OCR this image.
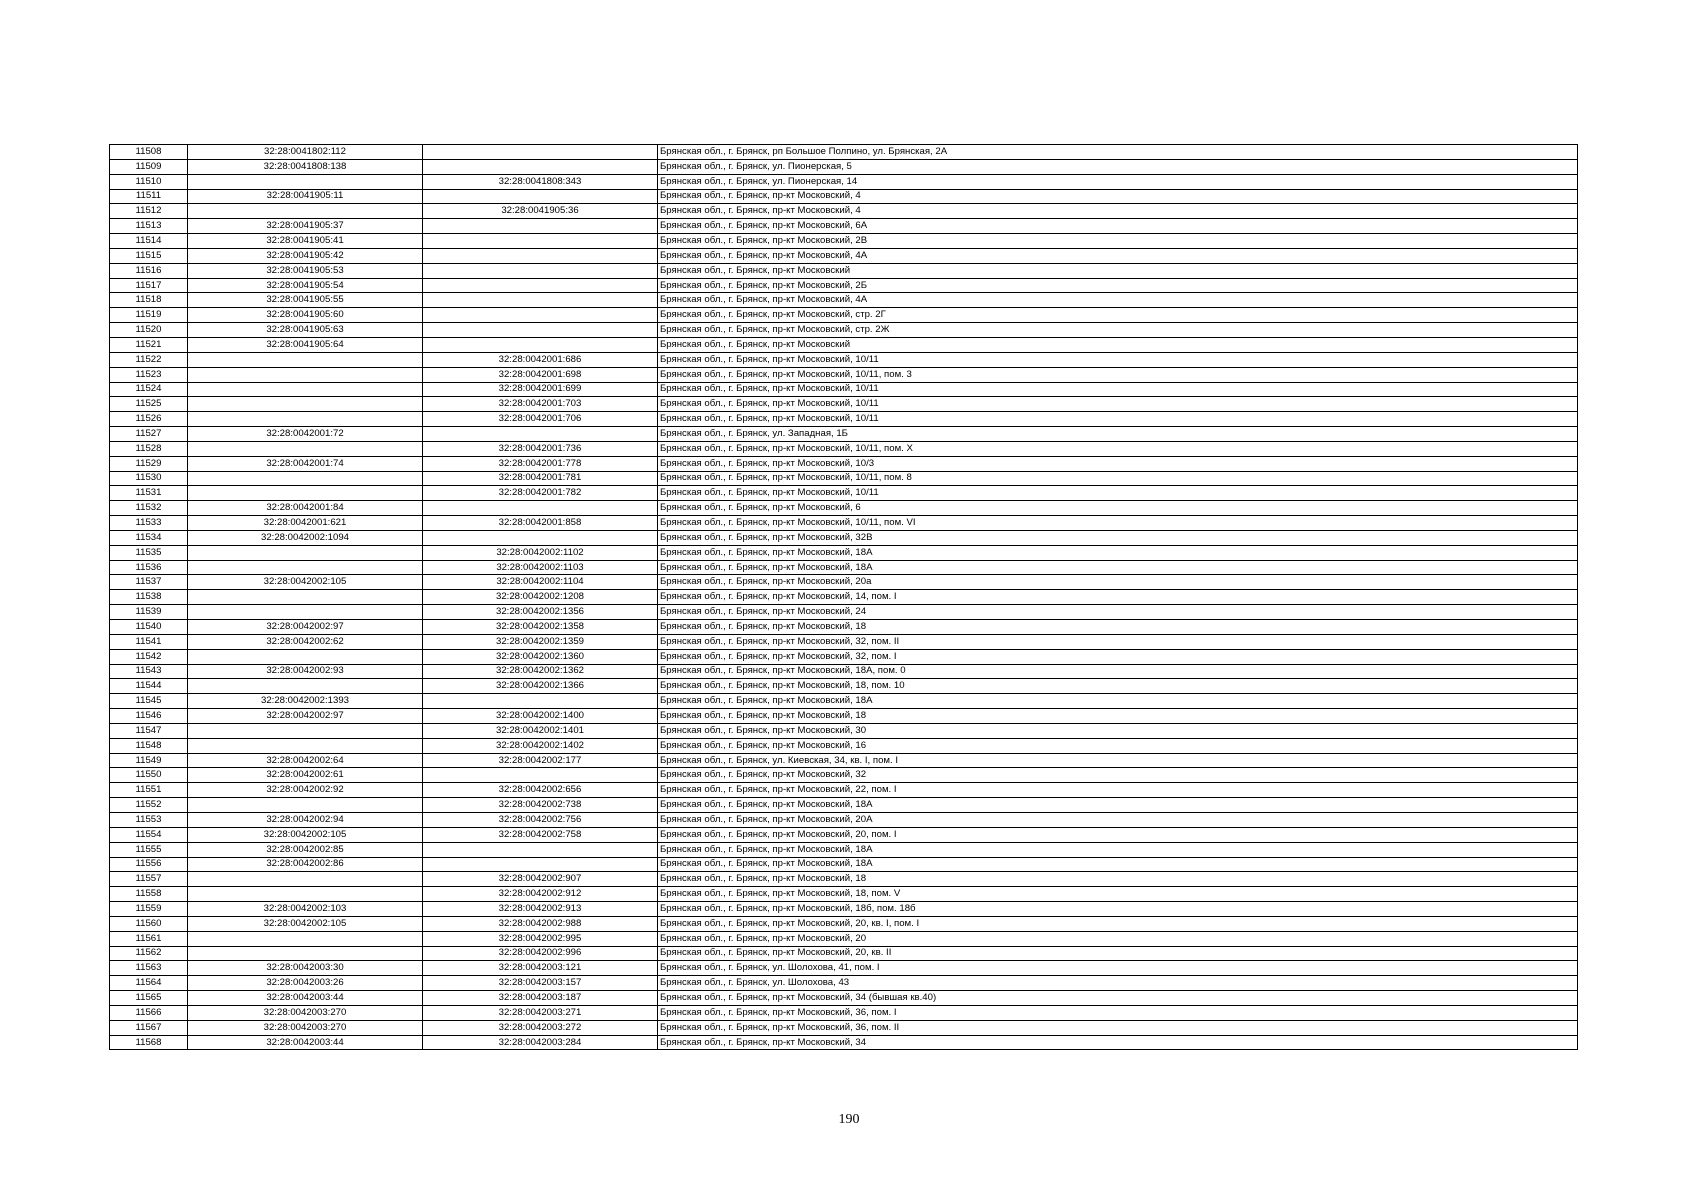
11508	32:28:0041802:112		Брянская обл., г. Брянск, рп Большое Полпино, ул. Брянская, 2А
11509	32:28:0041808:138		Брянская обл., г. Брянск, ул. Пионерская, 5
11510		32:28:0041808:343	Брянская обл., г. Брянск, ул. Пионерская, 14
11511	32:28:0041905:11		Брянская обл., г. Брянск, пр-кт Московский, 4
11512		32:28:0041905:36	Брянская обл., г. Брянск, пр-кт Московский, 4
11513	32:28:0041905:37		Брянская обл., г. Брянск, пр-кт Московский, 6А
11514	32:28:0041905:41		Брянская обл., г. Брянск, пр-кт Московский, 2В
11515	32:28:0041905:42		Брянская обл., г. Брянск, пр-кт Московский, 4А
11516	32:28:0041905:53		Брянская обл., г. Брянск, пр-кт Московский
11517	32:28:0041905:54		Брянская обл., г. Брянск, пр-кт Московский, 2Б
11518	32:28:0041905:55		Брянская обл., г. Брянск, пр-кт Московский, 4А
11519	32:28:0041905:60		Брянская обл., г. Брянск, пр-кт Московский, стр. 2Г
11520	32:28:0041905:63		Брянская обл., г. Брянск, пр-кт Московский, стр. 2Ж
11521	32:28:0041905:64		Брянская обл., г. Брянск, пр-кт Московский
11522		32:28:0042001:686	Брянская обл., г. Брянск, пр-кт Московский, 10/11
11523		32:28:0042001:698	Брянская обл., г. Брянск, пр-кт Московский, 10/11, пом. 3
11524		32:28:0042001:699	Брянская обл., г. Брянск, пр-кт Московский, 10/11
11525		32:28:0042001:703	Брянская обл., г. Брянск, пр-кт Московский, 10/11
11526		32:28:0042001:706	Брянская обл., г. Брянск, пр-кт Московский, 10/11
11527	32:28:0042001:72		Брянская обл., г. Брянск, ул. Западная, 1Б
11528		32:28:0042001:736	Брянская обл., г. Брянск, пр-кт Московский, 10/11, пом. X
11529	32:28:0042001:74	32:28:0042001:778	Брянская обл., г. Брянск, пр-кт Московский, 10/3
11530		32:28:0042001:781	Брянская обл., г. Брянск, пр-кт Московский, 10/11, пом. 8
11531		32:28:0042001:782	Брянская обл., г. Брянск, пр-кт Московский, 10/11
11532	32:28:0042001:84		Брянская обл., г. Брянск, пр-кт Московский, 6
11533	32:28:0042001:621	32:28:0042001:858	Брянская обл., г. Брянск, пр-кт Московский, 10/11, пом. VI
11534	32:28:0042002:1094		Брянская обл., г. Брянск, пр-кт Московский, 32В
11535		32:28:0042002:1102	Брянская обл., г. Брянск, пр-кт Московский, 18А
11536		32:28:0042002:1103	Брянская обл., г. Брянск, пр-кт Московский, 18А
11537	32:28:0042002:105	32:28:0042002:1104	Брянская обл., г. Брянск, пр-кт Московский, 20а
11538		32:28:0042002:1208	Брянская обл., г. Брянск, пр-кт Московский, 14, пом. I
11539		32:28:0042002:1356	Брянская обл., г. Брянск, пр-кт Московский, 24
11540	32:28:0042002:97	32:28:0042002:1358	Брянская обл., г. Брянск, пр-кт Московский, 18
11541	32:28:0042002:62	32:28:0042002:1359	Брянская обл., г. Брянск, пр-кт Московский, 32, пом. II
11542		32:28:0042002:1360	Брянская обл., г. Брянск, пр-кт Московский, 32, пом. I
11543	32:28:0042002:93	32:28:0042002:1362	Брянская обл., г. Брянск, пр-кт Московский, 18А, пом. 0
11544		32:28:0042002:1366	Брянская обл., г. Брянск, пр-кт Московский, 18, пом. 10
11545	32:28:0042002:1393		Брянская обл., г. Брянск, пр-кт Московский, 18А
11546	32:28:0042002:97	32:28:0042002:1400	Брянская обл., г. Брянск, пр-кт Московский, 18
11547		32:28:0042002:1401	Брянская обл., г. Брянск, пр-кт Московский, 30
11548		32:28:0042002:1402	Брянская обл., г. Брянск, пр-кт Московский, 16
11549	32:28:0042002:64	32:28:0042002:177	Брянская обл., г. Брянск, ул. Киевская, 34, кв. I, пом. I
11550	32:28:0042002:61		Брянская обл., г. Брянск, пр-кт Московский, 32
11551	32:28:0042002:92	32:28:0042002:656	Брянская обл., г. Брянск, пр-кт Московский, 22, пом. I
11552		32:28:0042002:738	Брянская обл., г. Брянск, пр-кт Московский, 18А
11553	32:28:0042002:94	32:28:0042002:756	Брянская обл., г. Брянск, пр-кт Московский, 20А
11554	32:28:0042002:105	32:28:0042002:758	Брянская обл., г. Брянск, пр-кт Московский, 20, пом. I
11555	32:28:0042002:85		Брянская обл., г. Брянск, пр-кт Московский, 18А
11556	32:28:0042002:86		Брянская обл., г. Брянск, пр-кт Московский, 18А
11557		32:28:0042002:907	Брянская обл., г. Брянск, пр-кт Московский, 18
11558		32:28:0042002:912	Брянская обл., г. Брянск, пр-кт Московский, 18, пом. V
11559	32:28:0042002:103	32:28:0042002:913	Брянская обл., г. Брянск, пр-кт Московский, 18б, пом. 18б
11560	32:28:0042002:105	32:28:0042002:988	Брянская обл., г. Брянск, пр-кт Московский, 20, кв. I, пом. I
11561		32:28:0042002:995	Брянская обл., г. Брянск, пр-кт Московский, 20
11562		32:28:0042002:996	Брянская обл., г. Брянск, пр-кт Московский, 20, кв. II
11563	32:28:0042003:30	32:28:0042003:121	Брянская обл., г. Брянск, ул. Шолохова, 41, пом. I
11564	32:28:0042003:26	32:28:0042003:157	Брянская обл., г. Брянск, ул. Шолохова, 43
11565	32:28:0042003:44	32:28:0042003:187	Брянская обл., г. Брянск, пр-кт Московский, 34 (бывшая кв.40)
11566	32:28:0042003:270	32:28:0042003:271	Брянская обл., г. Брянск, пр-кт Московский, 36, пом. I
11567	32:28:0042003:270	32:28:0042003:272	Брянская обл., г. Брянск, пр-кт Московский, 36, пом. II
11568	32:28:0042003:44	32:28:0042003:284	Брянская обл., г. Брянск, пр-кт Московский, 34
190
